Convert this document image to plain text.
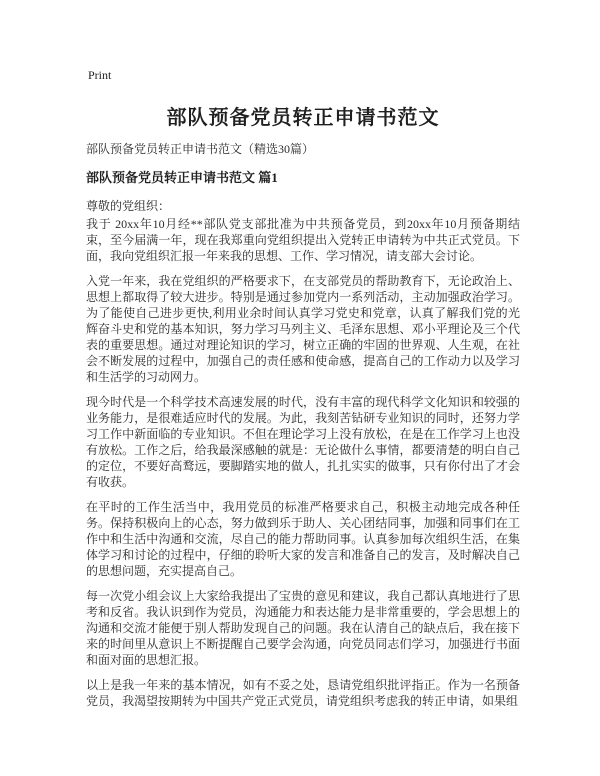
Print
部队预备党员转正申请书范文

部队预备党员转正申请书范文（精选30篇）

部队预备党员转正申请书范文 篇1

尊敬的党组织：

我于 20xx年10月经**部队党支部批准为中共预备党员，到20xx年10月预备期结束，至今届满一年，现在我郑重向党组织提出入党转正申请转为中共正式党员。下面，我向党组织汇报一年来我的思想、工作、学习情况，请支部大会讨论。

入党一年来，我在党组织的严格要求下，在支部党员的帮助教育下，无论政治上、思想上都取得了较大进步。特别是通过参加党内一系列活动，主动加强政治学习。为了能使自己进步更快,利用业余时间认真学习党史和党章，认真了解我们党的光辉奋斗史和党的基本知识，努力学习马列主义、毛泽东思想、邓小平理论及三个代表的重要思想。通过对理论知识的学习，树立正确的牢固的世界观、人生观，在社会不断发展的过程中，加强自己的责任感和使命感，提高自己的工作动力以及学习和生活学的习动网力。

现今时代是一个科学技术高速发展的时代，没有丰富的现代科学文化知识和较强的业务能力，是很难适应时代的发展。为此，我刻苦钻研专业知识的同时，还努力学习工作中新面临的专业知识。不但在理论学习上没有放松，在是在工作学习上也没有放松。工作之后，给我最深感触的就是：无论做什么事情，都要清楚的明白自己的定位，不要好高鹜远，要脚踏实地的做人，扎扎实实的做事，只有你付出了才会有收获。

在平时的工作生活当中，我用党员的标准严格要求自己，积极主动地完成各种任务。保持积极向上的心态，努力做到乐于助人、关心团结同事，加强和同事们在工作中和生活中沟通和交流，尽自己的能力帮助同事。认真参加每次组织生活，在集体学习和讨论的过程中，仔细的聆听大家的发言和准备自己的发言，及时解决自己的思想问题，充实提高自己。

每一次党小组会议上大家给我提出了宝贵的意见和建议，我自己都认真地进行了思考和反省。我认识到作为党员，沟通能力和表达能力是非常重要的，学会思想上的沟通和交流才能便于别人帮助发现自己的问题。我在认清自己的缺点后，我在接下来的时间里从意识上不断提醒自己要学会沟通，向党员同志们学习，加强进行书面和面对面的思想汇报。

以上是我一年来的基本情况，如有不妥之处，恳请党组织批评指正。作为一名预备党员，我渴望按期转为中国共产党正式党员，请党组织考虑我的转正申请，如果组
